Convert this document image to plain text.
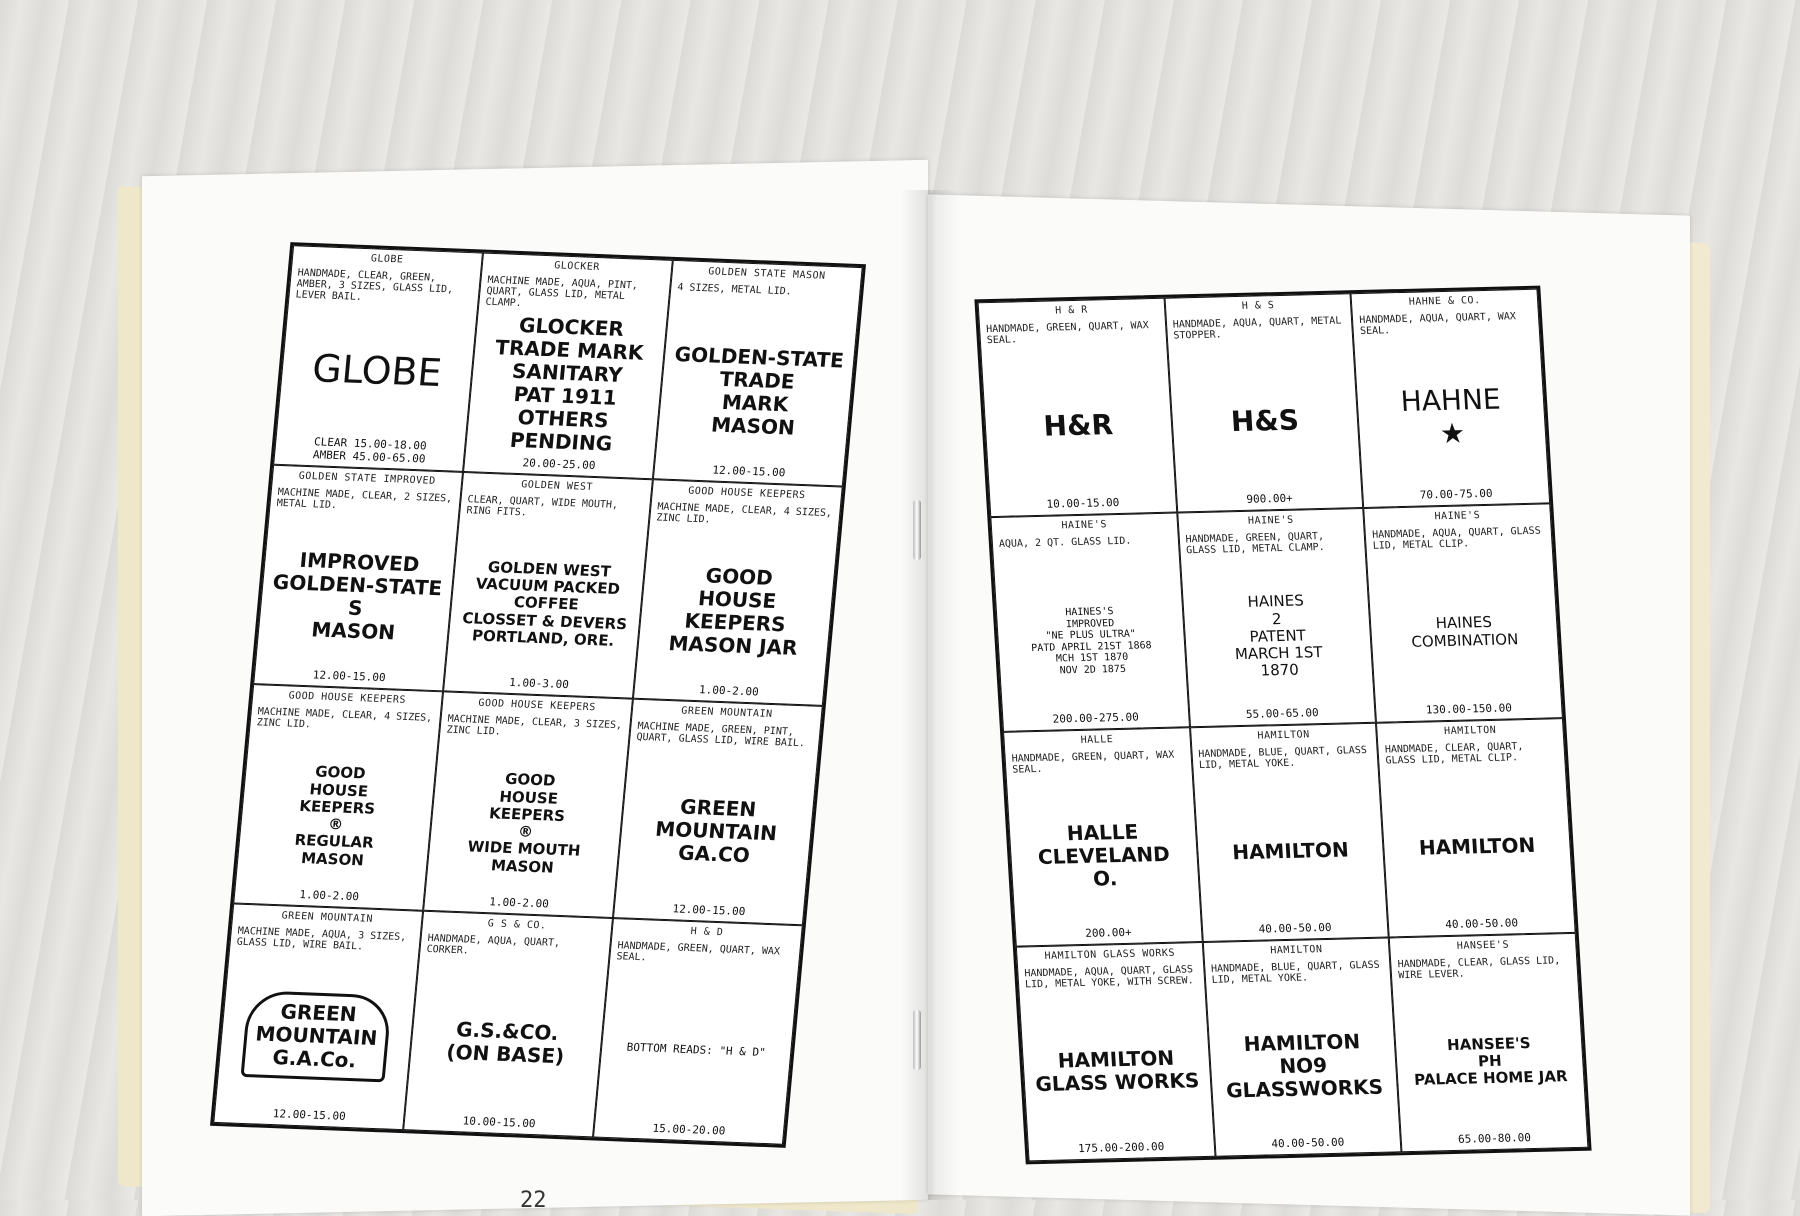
GLOBE
HANDMADE, CLEAR, GREEN, AMBER, 3 SIZES, GLASS LID, LEVER BAIL.
GLOBE
CLEAR 15.00-18.00
AMBER 45.00-65.00
GLOCKER
MACHINE MADE, AQUA, PINT, QUART, GLASS LID, METAL CLAMP.
GLOCKER
TRADE MARK
SANITARY
PAT 1911
OTHERS PENDING
20.00-25.00
GOLDEN STATE MASON
4 SIZES, METAL LID.
GOLDEN-STATE
TRADE
MARK
MASON
12.00-15.00
GOLDEN STATE IMPROVED
MACHINE MADE, CLEAR, 2 SIZES, METAL LID.
IMPROVED
GOLDEN-STATE
S
MASON
12.00-15.00
GOLDEN WEST
CLEAR, QUART, WIDE MOUTH, RING FITS.
GOLDEN WEST
VACUUM PACKED
COFFEE
CLOSSET & DEVERS
PORTLAND, ORE.
1.00-3.00
GOOD HOUSE KEEPERS
MACHINE MADE, CLEAR, 4 SIZES, ZINC LID.
GOOD
HOUSE
KEEPERS
MASON JAR
1.00-2.00
GOOD HOUSE KEEPERS
MACHINE MADE, CLEAR, 4 SIZES, ZINC LID.
GOOD
HOUSE
KEEPERS
®
REGULAR
MASON
1.00-2.00
GOOD HOUSE KEEPERS
MACHINE MADE, CLEAR, 3 SIZES, ZINC LID.
GOOD
HOUSE
KEEPERS
®
WIDE MOUTH
MASON
1.00-2.00
GREEN MOUNTAIN
MACHINE MADE, GREEN, PINT, QUART, GLASS LID, WIRE BAIL.
GREEN
MOUNTAIN
GA.CO
12.00-15.00
GREEN MOUNTAIN
MACHINE MADE, AQUA, 3 SIZES, GLASS LID, WIRE BAIL.
GREEN
MOUNTAIN
G.A.Co.
12.00-15.00
G S & CO.
HANDMADE, AQUA, QUART, CORKER.
G.S.&CO.
(ON BASE)
10.00-15.00
H & D
HANDMADE, GREEN, QUART, WAX SEAL.
BOTTOM READS: "H & D"
15.00-20.00
22
H & R
HANDMADE, GREEN, QUART, WAX SEAL.
H&R
10.00-15.00
H & S
HANDMADE, AQUA, QUART, METAL STOPPER.
H&S
900.00+
HAHNE & CO.
HANDMADE, AQUA, QUART, WAX SEAL.
HAHNE
★
70.00-75.00
HAINE'S
AQUA, 2 QT. GLASS LID.
HAINES'S
IMPROVED
"NE PLUS ULTRA"
PATD APRIL 21ST 1868
MCH 1ST 1870
NOV 2D 1875
200.00-275.00
HAINE'S
HANDMADE, GREEN, QUART, GLASS LID, METAL CLAMP.
HAINES
2
PATENT
MARCH 1ST
1870
55.00-65.00
HAINE'S
HANDMADE, AQUA, QUART, GLASS LID, METAL CLIP.
HAINES
COMBINATION
130.00-150.00
HALLE
HANDMADE, GREEN, QUART, WAX SEAL.
HALLE
CLEVELAND
O.
200.00+
HAMILTON
HANDMADE, BLUE, QUART, GLASS LID, METAL YOKE.
HAMILTON
40.00-50.00
HAMILTON
HANDMADE, CLEAR, QUART, GLASS LID, METAL CLIP.
HAMILTON
40.00-50.00
HAMILTON GLASS WORKS
HANDMADE, AQUA, QUART, GLASS LID, METAL YOKE, WITH SCREW.
HAMILTON
GLASS WORKS
175.00-200.00
HAMILTON
HANDMADE, BLUE, QUART, GLASS LID, METAL YOKE.
HAMILTON
NO9
GLASSWORKS
40.00-50.00
HANSEE'S
HANDMADE, CLEAR, GLASS LID, WIRE LEVER.
HANSEE'S
PH
PALACE HOME JAR
65.00-80.00
